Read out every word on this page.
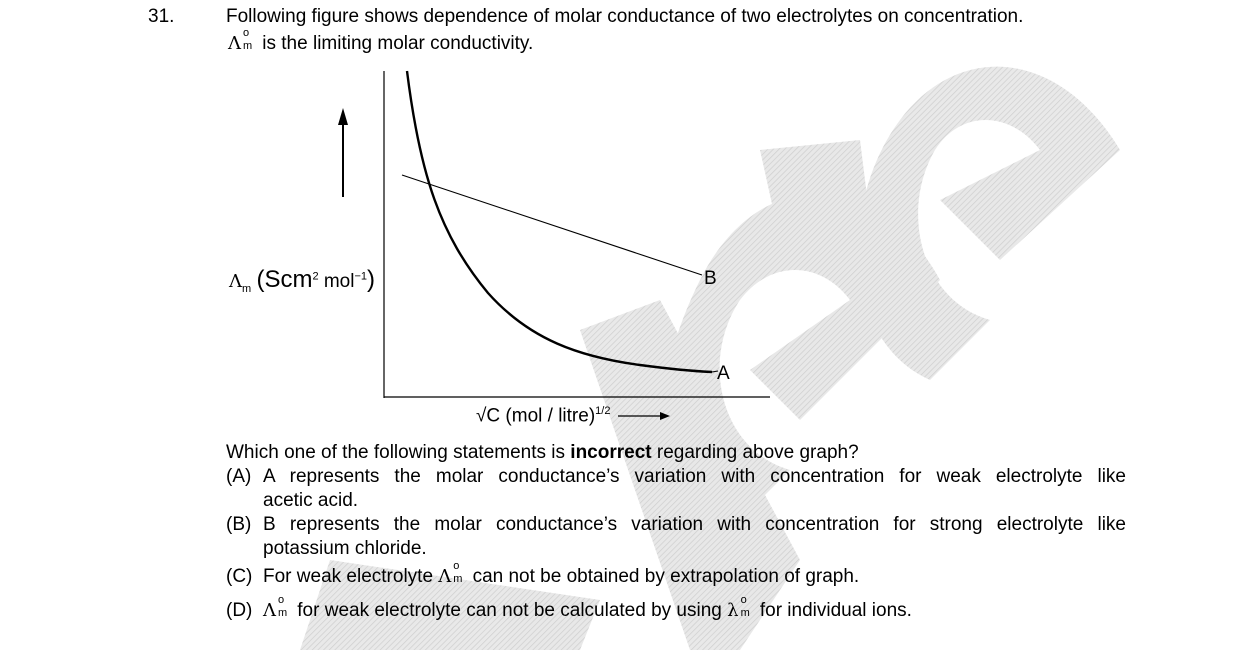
31.	Following figure shows dependence of molar conductance of two electrolytes on concentration.
Λ o
m is the limiting molar conductivity.
B
A
$\Lambda_m$ (Scm$^2$ mol$^{-1}$)
√C (mol / litre)$^{1/2}$
Which one of the following statements is incorrect regarding above graph?
(A) A represents the molar conductance’s variation with concentration for weak electrolyte like
acetic acid.
(B) B represents the molar conductance’s variation with concentration for strong electrolyte like
potassium chloride.
(C) For weak electrolyte Λ o
m can not be obtained by extrapolation of graph.
(D) Λ o
m for weak electrolyte can not be calculated by using λ o
m for individual ions.
